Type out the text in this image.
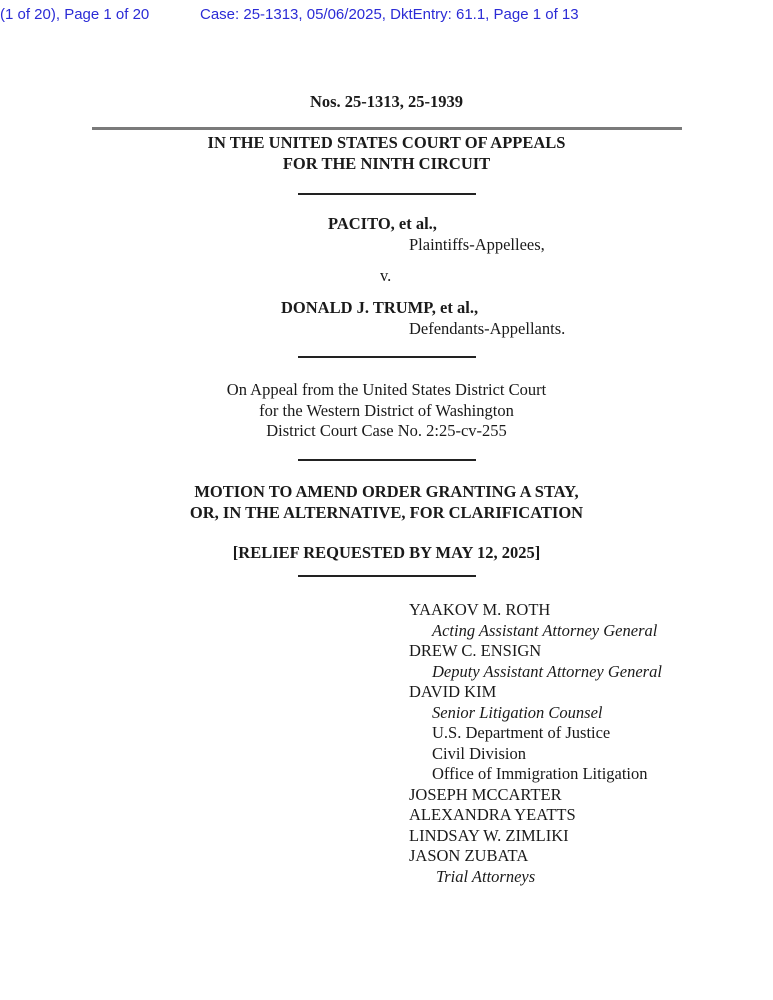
(1 of 20), Page 1 of 20	Case: 25-1313, 05/06/2025, DktEntry: 61.1, Page 1 of 13
Nos. 25-1313, 25-1939
IN THE UNITED STATES COURT OF APPEALS
FOR THE NINTH CIRCUIT
PACITO, et al.,
Plaintiffs-Appellees,
v.
DONALD J. TRUMP, et al.,
Defendants-Appellants.
On Appeal from the United States District Court
for the Western District of Washington
District Court Case No. 2:25-cv-255
MOTION TO AMEND ORDER GRANTING A STAY,
OR, IN THE ALTERNATIVE, FOR CLARIFICATION
[RELIEF REQUESTED BY MAY 12, 2025]
YAAKOV M. ROTH
Acting Assistant Attorney General
DREW C. ENSIGN
Deputy Assistant Attorney General
DAVID KIM
Senior Litigation Counsel
U.S. Department of Justice
Civil Division
Office of Immigration Litigation
JOSEPH MCCARTER
ALEXANDRA YEATTS
LINDSAY W. ZIMLIKI
JASON ZUBATA
Trial Attorneys
